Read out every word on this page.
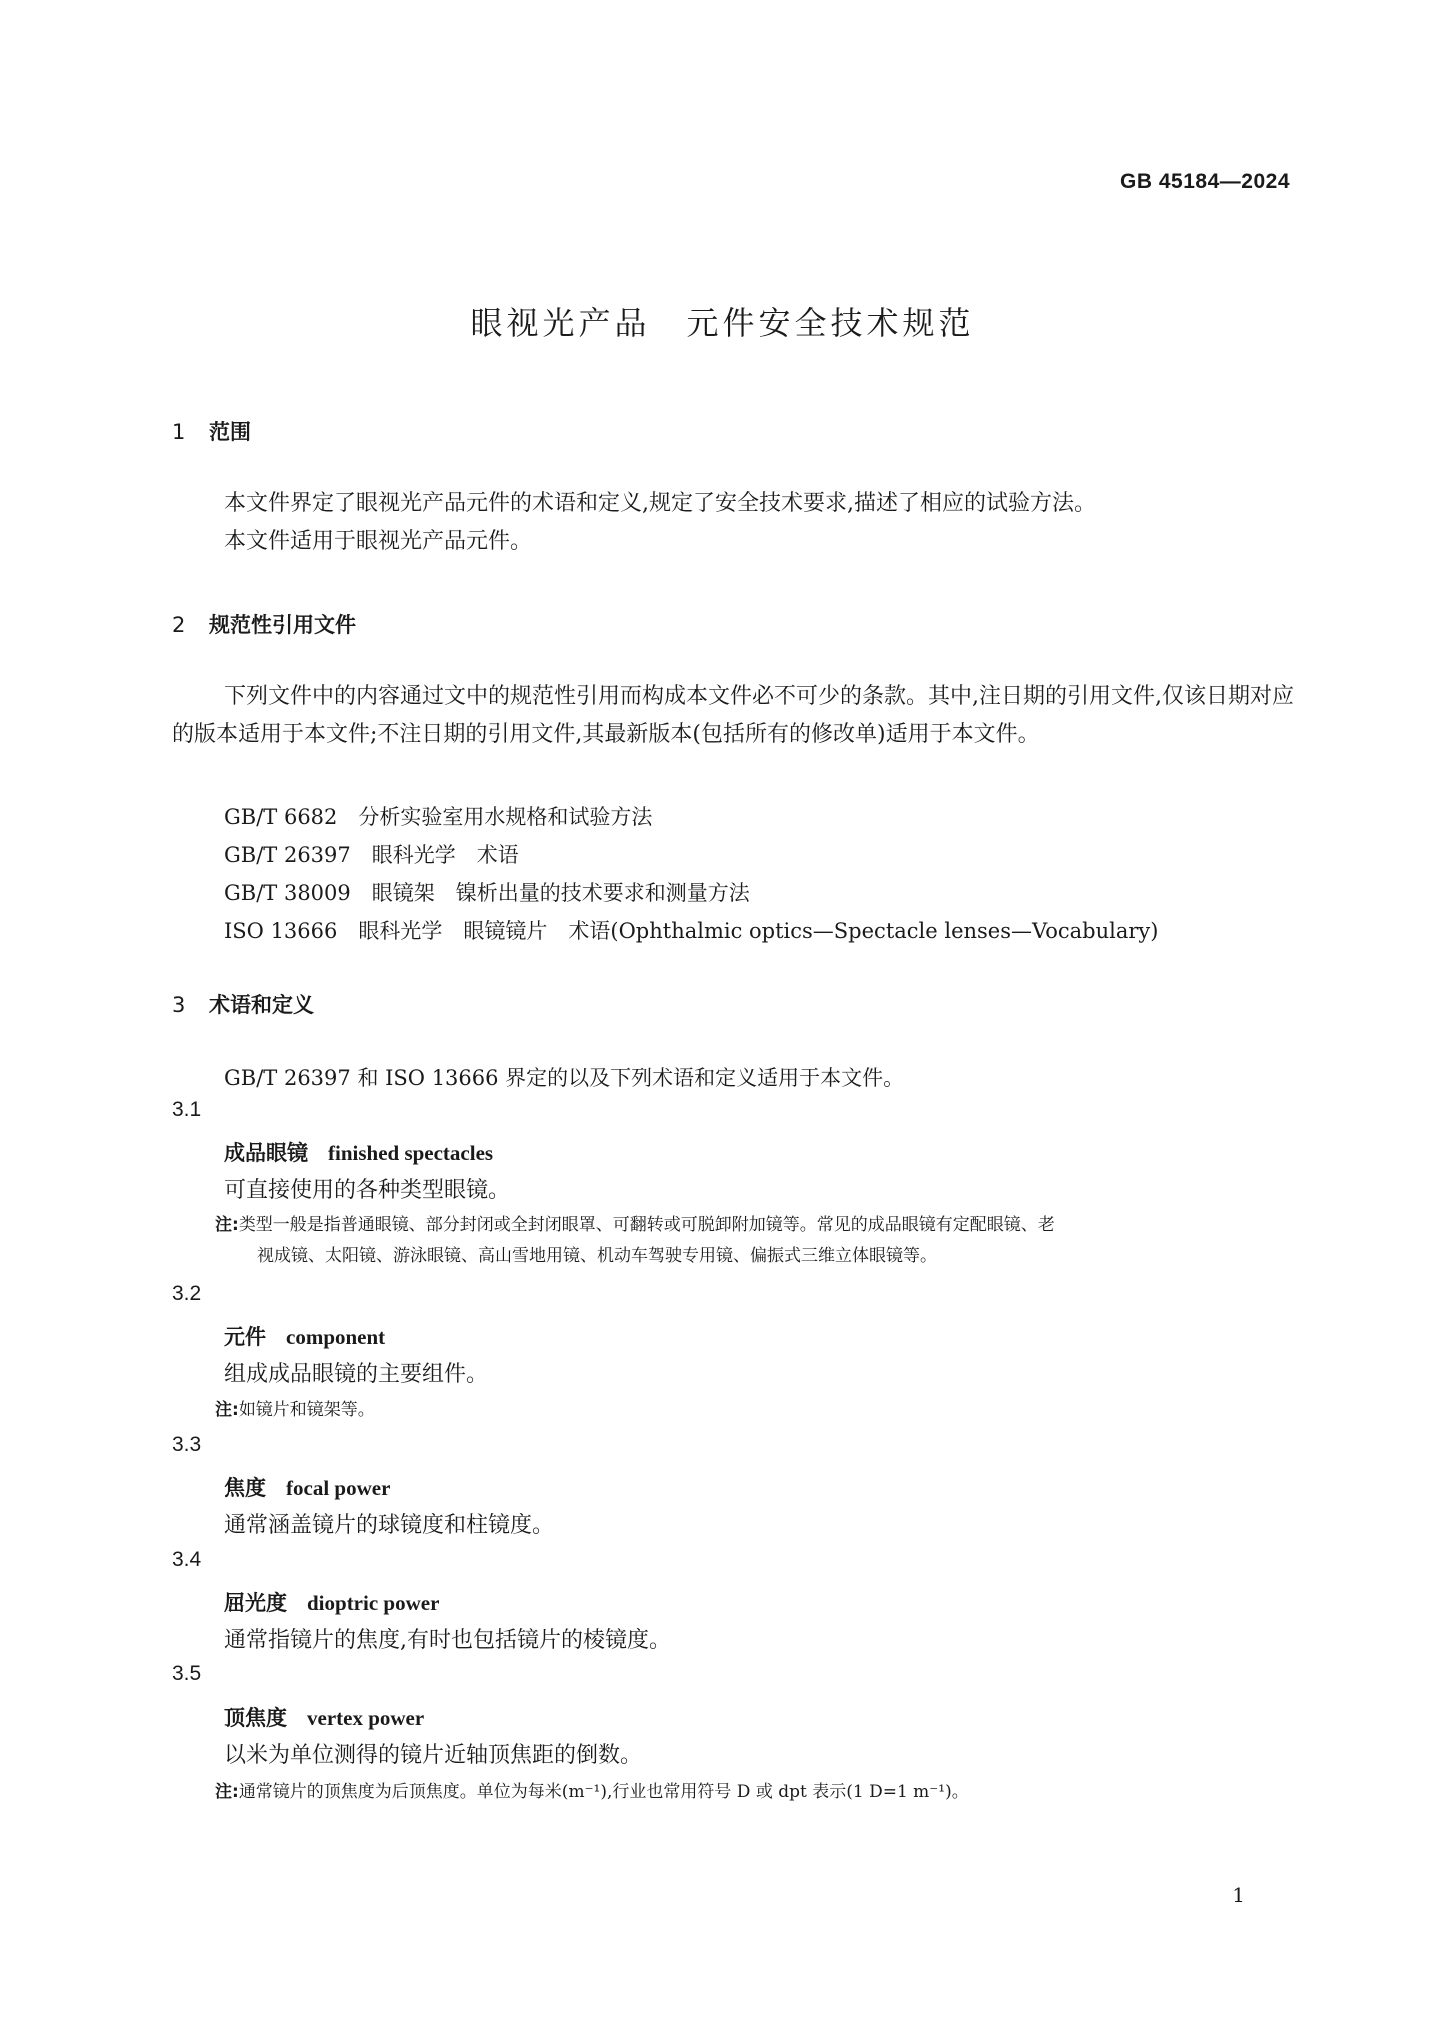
GB 45184—2024
眼视光产品　元件安全技术规范
1 范围
本文件界定了眼视光产品元件的术语和定义,规定了安全技术要求,描述了相应的试验方法。
本文件适用于眼视光产品元件。
2 规范性引用文件
下列文件中的内容通过文中的规范性引用而构成本文件必不可少的条款。其中,注日期的引用文件,仅该日期对应的版本适用于本文件;不注日期的引用文件,其最新版本(包括所有的修改单)适用于本文件。
GB/T 6682　分析实验室用水规格和试验方法
GB/T 26397　眼科光学　术语
GB/T 38009　眼镜架　镍析出量的技术要求和测量方法
ISO 13666　眼科光学　眼镜镜片　术语(Ophthalmic optics—Spectacle lenses—Vocabulary)
3 术语和定义
GB/T 26397 和 ISO 13666 界定的以及下列术语和定义适用于本文件。
3.1
成品眼镜 finished spectacles
可直接使用的各种类型眼镜。
注:类型一般是指普通眼镜、部分封闭或全封闭眼罩、可翻转或可脱卸附加镜等。常见的成品眼镜有定配眼镜、老
视成镜、太阳镜、游泳眼镜、高山雪地用镜、机动车驾驶专用镜、偏振式三维立体眼镜等。
3.2
元件 component
组成成品眼镜的主要组件。
注:如镜片和镜架等。
3.3
焦度 focal power
通常涵盖镜片的球镜度和柱镜度。
3.4
屈光度 dioptric power
通常指镜片的焦度,有时也包括镜片的棱镜度。
3.5
顶焦度 vertex power
以米为单位测得的镜片近轴顶焦距的倒数。
注:通常镜片的顶焦度为后顶焦度。单位为每米(m⁻¹),行业也常用符号 D 或 dpt 表示(1 D=1 m⁻¹)。
1
